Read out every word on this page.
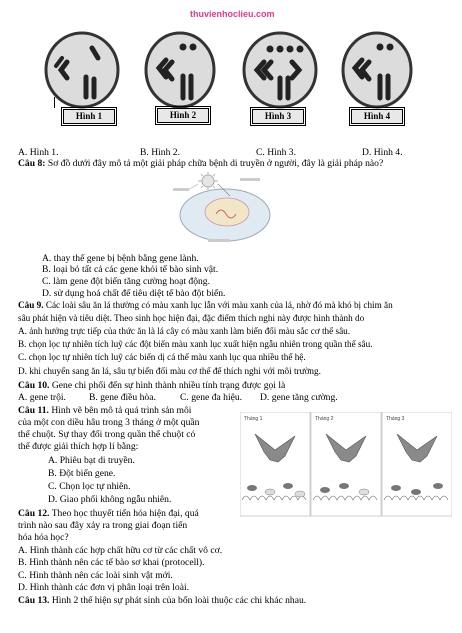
thuvienhoclieu.com
Hình 1	Hình 2	Hình 3	Hình 4
A. Hình 1.	B. Hình 2.	C. Hình 3.	D. Hình 4.
Câu 8: Sơ đồ dưới đây mô tả một giải pháp chữa bệnh di truyền ở người, đây là giải pháp nào?
A. thay thế gene bị bệnh bằng gene lành.
B. loại bỏ tất cả các gene khỏi tế bào sinh vật.
C. làm gene đột biến tăng cường hoạt động.
D. sử dụng hoá chất để tiêu diệt tế bào đột biến.
Câu 9. Các loài sâu ăn lá thường có màu xanh lục lẫn với màu xanh của lá, nhờ đó mà khó bị chim ăn
sâu phát hiện và tiêu diệt. Theo sinh học hiện đại, đặc điểm thích nghi này được hình thành do
A. ảnh hưởng trực tiếp của thức ăn là lá cây có màu xanh làm biến đổi màu sắc cơ thể sâu.
B. chọn lọc tự nhiên tích luỹ các đột biến màu xanh lục xuất hiện ngẫu nhiên trong quần thể sâu.
C. chọn lọc tự nhiên tích luỹ các biến dị cá thể màu xanh lục qua nhiều thế hệ.
D. khi chuyển sang ăn lá, sâu tự biến đổi màu cơ thể để thích nghi với môi trường.
Câu 10. Gene chi phối đến sự hình thành nhiều tính trạng được gọi là
A. gene trội. B. gene điều hòa.	C. gene đa hiệu. D. gene tăng cường.
Câu 11. Hình vẽ bên mô tả quá trình sản môi
của một con diều hâu trong 3 tháng ở một quần
thể chuột. Sự thay đổi trong quần thể chuột có
thể được giải thích hợp lí bằng:
A. Phiêu bạt di truyền.
B. Đột biến gene.
C. Chọn lọc tự nhiên.
D. Giao phối không ngẫu nhiên.
Tháng 1	Tháng 2	Tháng 3
Câu 12. Theo học thuyết tiến hóa hiện đại, quá
trình nào sau đây xảy ra trong giai đoạn tiến
hóa hóa học?
A. Hình thành các hợp chất hữu cơ từ các chất vô cơ.
B. Hình thành nên các tế bào sơ khai (protocell).
C. Hình thành nên các loài sinh vật mới.
D. Hình thành các đơn vị phân loại trên loài.
Câu 13. Hình 2 thể hiện sự phát sinh của bốn loài thuộc các chi khác nhau.
